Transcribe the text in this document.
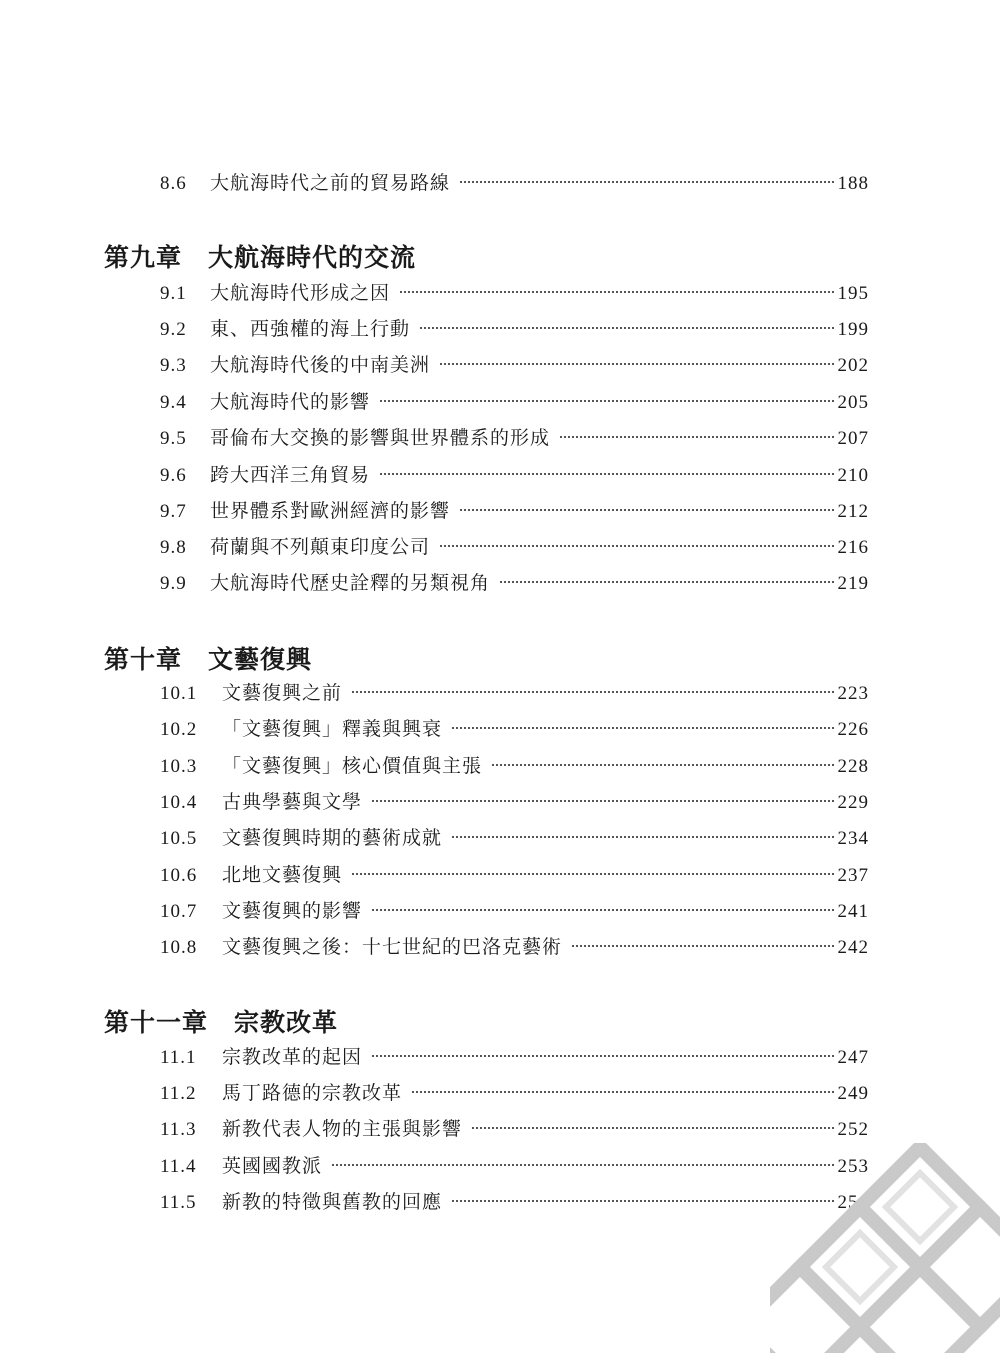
8.6	大航海時代之前的貿易路線	188
第九章 大航海時代的交流
9.1	大航海時代形成之因	195
9.2	東、西強權的海上行動	199
9.3	大航海時代後的中南美洲	202
9.4	大航海時代的影響	205
9.5	哥倫布大交換的影響與世界體系的形成	207
9.6	跨大西洋三角貿易	210
9.7	世界體系對歐洲經濟的影響	212
9.8	荷蘭與不列顛東印度公司	216
9.9	大航海時代歷史詮釋的另類視角	219
第十章 文藝復興
10.1	文藝復興之前	223
10.2	「文藝復興」釋義與興衰	226
10.3	「文藝復興」核心價值與主張	228
10.4	古典學藝與文學	229
10.5	文藝復興時期的藝術成就	234
10.6	北地文藝復興	237
10.7	文藝復興的影響	241
10.8	文藝復興之後：十七世紀的巴洛克藝術	242
第十一章 宗教改革
11.1	宗教改革的起因	247
11.2	馬丁路德的宗教改革	249
11.3	新教代表人物的主張與影響	252
11.4	英國國教派	253
11.5	新教的特徵與舊教的回應	256
